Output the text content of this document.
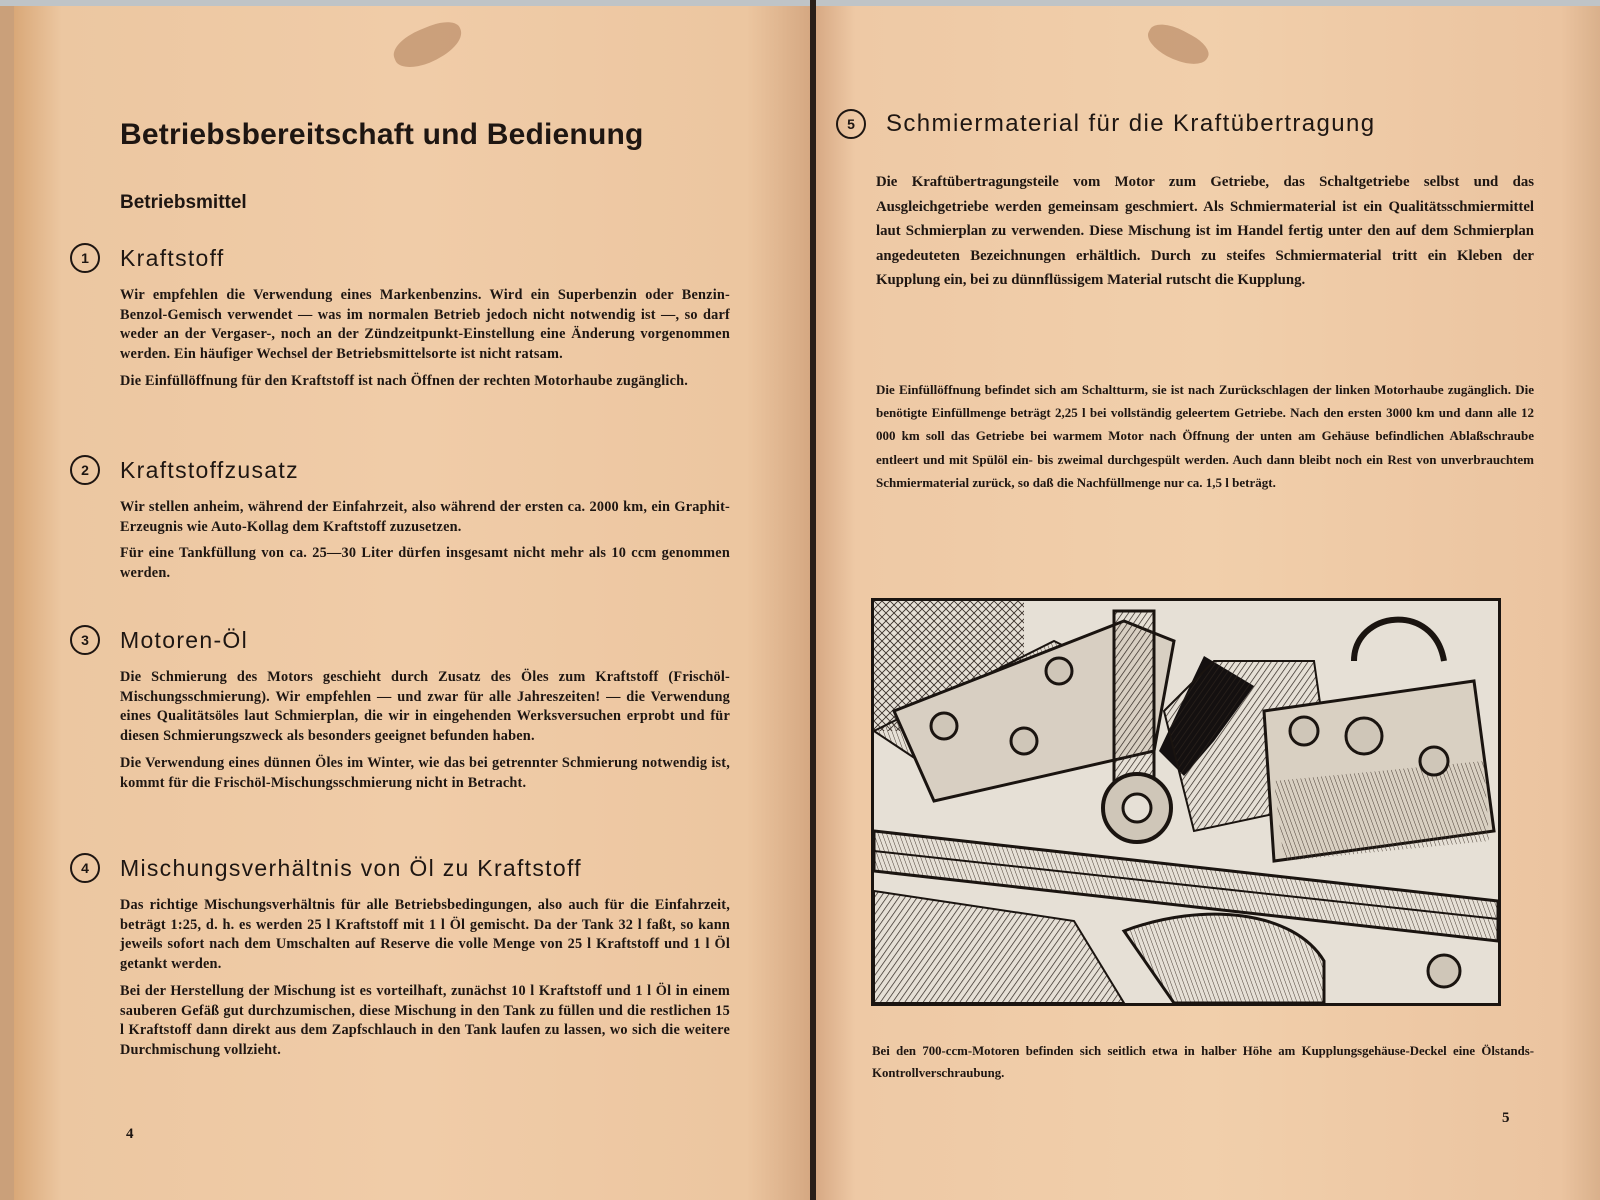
Betriebsbereitschaft und Bedienung
Betriebsmittel
1	Kraftstoff

Wir empfehlen die Verwendung eines Markenbenzins. Wird ein Superbenzin oder Benzin-Benzol-Gemisch verwendet — was im normalen Betrieb jedoch nicht notwendig ist —, so darf weder an der Vergaser-, noch an der Zündzeitpunkt-Einstellung eine Änderung vorgenommen werden. Ein häufiger Wechsel der Betriebsmittelsorte ist nicht ratsam.

Die Einfüllöffnung für den Kraftstoff ist nach Öffnen der rechten Motorhaube zugänglich.

2	Kraftstoffzusatz

Wir stellen anheim, während der Einfahrzeit, also während der ersten ca. 2000 km, ein Graphit-Erzeugnis wie Auto-Kollag dem Kraftstoff zuzusetzen.

Für eine Tankfüllung von ca. 25—30 Liter dürfen insgesamt nicht mehr als 10 ccm genommen werden.

3	Motoren-Öl

Die Schmierung des Motors geschieht durch Zusatz des Öles zum Kraftstoff (Frischöl-Mischungsschmierung). Wir empfehlen — und zwar für alle Jahreszeiten! — die Verwendung eines Qualitätsöles laut Schmierplan, die wir in eingehenden Werksversuchen erprobt und für diesen Schmierungszweck als besonders geeignet befunden haben.

Die Verwendung eines dünnen Öles im Winter, wie das bei getrennter Schmierung notwendig ist, kommt für die Frischöl-Mischungsschmierung nicht in Betracht.

4	Mischungsverhältnis von Öl zu Kraftstoff

Das richtige Mischungsverhältnis für alle Betriebsbedingungen, also auch für die Einfahrzeit, beträgt 1:25, d. h. es werden 25 l Kraftstoff mit 1 l Öl gemischt. Da der Tank 32 l faßt, so kann jeweils sofort nach dem Umschalten auf Reserve die volle Menge von 25 l Kraftstoff und 1 l Öl getankt werden.

Bei der Herstellung der Mischung ist es vorteilhaft, zunächst 10 l Kraftstoff und 1 l Öl in einem sauberen Gefäß gut durchzumischen, diese Mischung in den Tank zu füllen und die restlichen 15 l Kraftstoff dann direkt aus dem Zapfschlauch in den Tank laufen zu lassen, wo sich die weitere Durchmischung vollzieht.

4

5	Schmiermaterial für die Kraftübertragung

Die Kraftübertragungsteile vom Motor zum Getriebe, das Schaltgetriebe selbst und das Ausgleichgetriebe werden gemeinsam geschmiert. Als Schmiermaterial ist ein Qualitätsschmiermittel laut Schmierplan zu verwenden. Diese Mischung ist im Handel fertig unter den auf dem Schmierplan angedeuteten Bezeichnungen erhältlich. Durch zu steifes Schmiermaterial tritt ein Kleben der Kupplung ein, bei zu dünnflüssigem Material rutscht die Kupplung.

Die Einfüllöffnung befindet sich am Schaltturm, sie ist nach Zurückschlagen der linken Motorhaube zugänglich. Die benötigte Einfüllmenge beträgt 2,25 l bei vollständig geleertem Getriebe. Nach den ersten 3000 km und dann alle 12 000 km soll das Getriebe bei warmem Motor nach Öffnung der unten am Gehäuse befindlichen Ablaßschraube entleert und mit Spülöl ein- bis zweimal durchgespült werden. Auch dann bleibt noch ein Rest von unverbrauchtem Schmiermaterial zurück, so daß die Nachfüllmenge nur ca. 1,5 l beträgt.

Bei den 700-ccm-Motoren befinden sich seitlich etwa in halber Höhe am Kupplungsgehäuse-Deckel eine Ölstands-Kontrollverschraubung.

5
